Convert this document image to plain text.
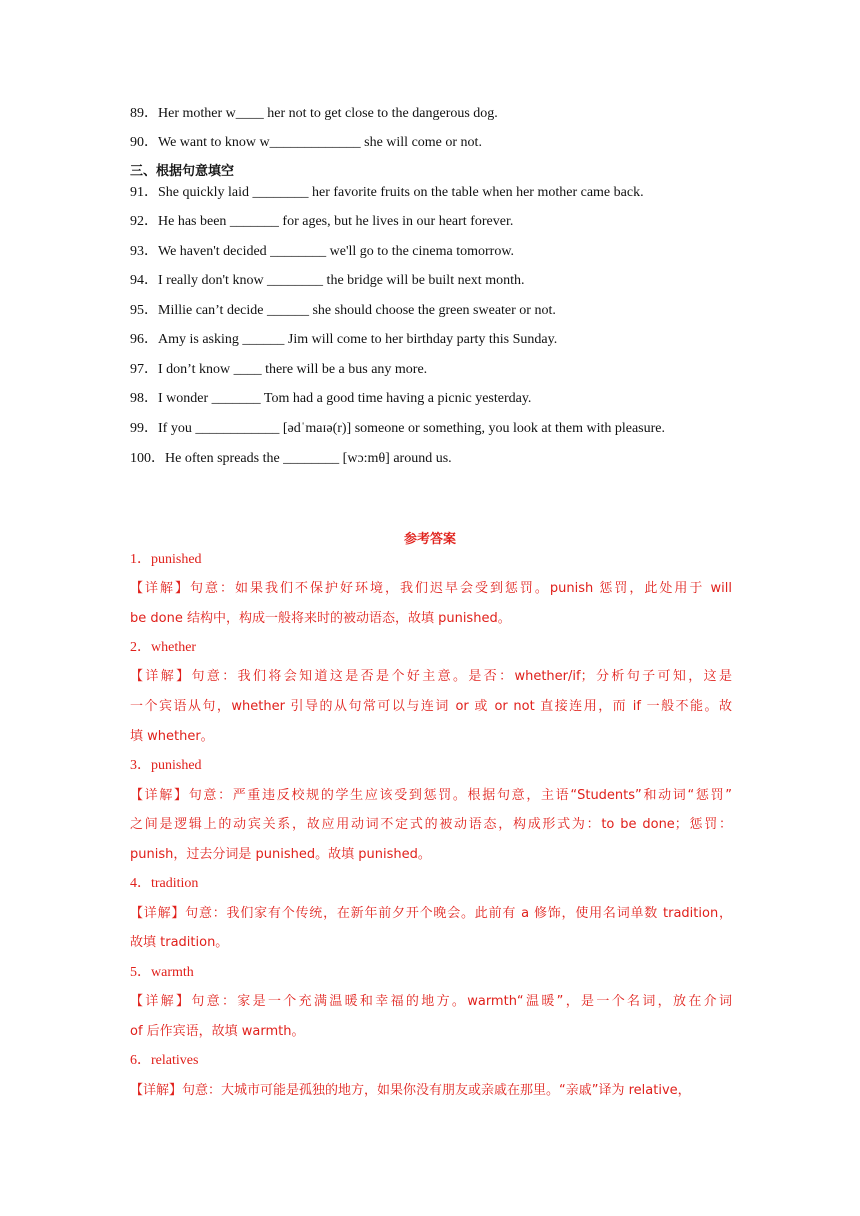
89．Her mother w____ her not to get close to the dangerous dog.
90．We want to know w_____________ she will come or not.
三、根据句意填空
91．She quickly laid ________ her favorite fruits on the table when her mother came back.
92．He has been _______ for ages, but he lives in our heart forever.
93．We haven't decided ________ we'll go to the cinema tomorrow.
94．I really don't know ________ the bridge will be built next month.
95．Millie can’t decide ______ she should choose the green sweater or not.
96．Amy is asking ______ Jim will come to her birthday party this Sunday.
97．I don’t know ____ there will be a bus any more.
98．I wonder _______ Tom had a good time having a picnic yesterday.
99．If you ____________ [ədˈmaɪə(r)] someone or something, you look at them with pleasure.
100．He often spreads the ________ [wɔ:mθ] around us.
参考答案
1．punished
【详解】句意：如果我们不保护好环境，我们迟早会受到惩罚。punish 惩罚，此处用于 will
be done 结构中，构成一般将来时的被动语态，故填 punished。
2．whether
【详解】句意：我们将会知道这是否是个好主意。是否：whether/if；分析句子可知，这是
一个宾语从句，whether 引导的从句常可以与连词 or 或 or not 直接连用，而 if 一般不能。故
填 whether。
3．punished
【详解】句意：严重违反校规的学生应该受到惩罚。根据句意，主语“Students”和动词“惩罚”
之间是逻辑上的动宾关系，故应用动词不定式的被动语态，构成形式为：to be done；惩罚：
punish，过去分词是 punished。故填 punished。
4．tradition
【详解】句意：我们家有个传统，在新年前夕开个晚会。此前有 a 修饰，使用名词单数 tradition，
故填 tradition。
5．warmth
【详解】句意：家是一个充满温暖和幸福的地方。warmth“温暖”，是一个名词，放在介词
of 后作宾语，故填 warmth。
6．relatives
【详解】句意：大城市可能是孤独的地方，如果你没有朋友或亲戚在那里。“亲戚”译为 relative，
